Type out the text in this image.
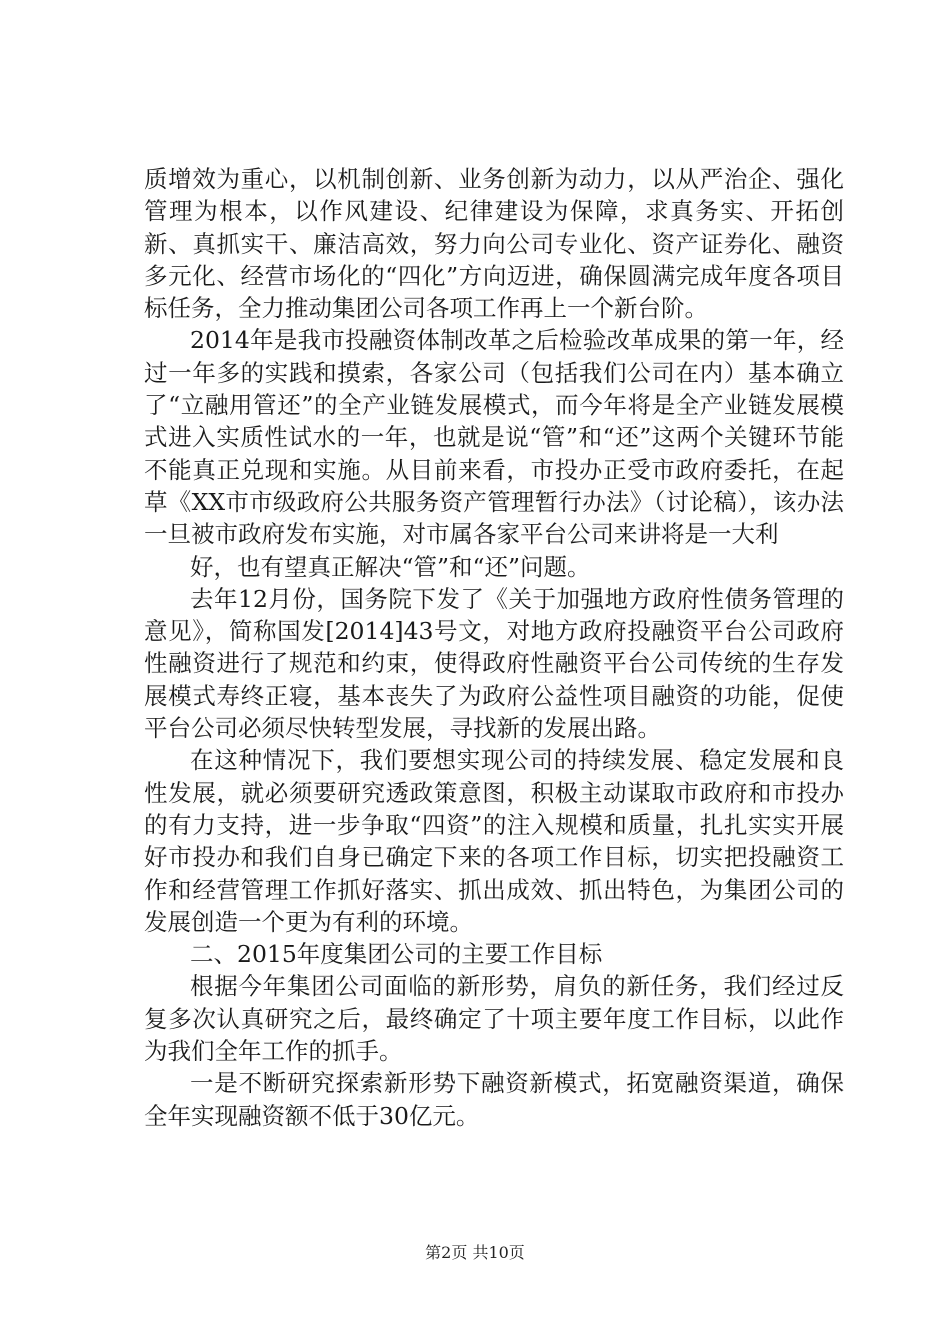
质增效为重心，以机制创新、业务创新为动力，以从严治企、强化管理为根本，以作风建设、纪律建设为保障，求真务实、开拓创新、真抓实干、廉洁高效，努力向公司专业化、资产证券化、融资多元化、经营市场化的“四化”方向迈进，确保圆满完成年度各项目标任务，全力推动集团公司各项工作再上一个新台阶。

2014年是我市投融资体制改革之后检验改革成果的第一年，经过一年多的实践和摸索，各家公司（包括我们公司在内）基本确立了“立融用管还”的全产业链发展模式，而今年将是全产业链发展模式进入实质性试水的一年，也就是说“管”和“还”这两个关键环节能不能真正兑现和实施。从目前来看，市投办正受市政府委托，在起草《XX市市级政府公共服务资产管理暂行办法》（讨论稿），该办法一旦被市政府发布实施，对市属各家平台公司来讲将是一大利

好，也有望真正解决“管”和“还”问题。

去年12月份，国务院下发了《关于加强地方政府性债务管理的意见》，简称国发[2014]43号文，对地方政府投融资平台公司政府性融资进行了规范和约束，使得政府性融资平台公司传统的生存发展模式寿终正寝，基本丧失了为政府公益性项目融资的功能，促使平台公司必须尽快转型发展，寻找新的发展出路。

在这种情况下，我们要想实现公司的持续发展、稳定发展和良性发展，就必须要研究透政策意图，积极主动谋取市政府和市投办的有力支持，进一步争取“四资”的注入规模和质量，扎扎实实开展好市投办和我们自身已确定下来的各项工作目标，切实把投融资工作和经营管理工作抓好落实、抓出成效、抓出特色，为集团公司的发展创造一个更为有利的环境。

二、2015年度集团公司的主要工作目标

根据今年集团公司面临的新形势，肩负的新任务，我们经过反复多次认真研究之后，最终确定了十项主要年度工作目标，以此作为我们全年工作的抓手。

一是不断研究探索新形势下融资新模式，拓宽融资渠道，确保全年实现融资额不低于30亿元。

第2页 共10页
